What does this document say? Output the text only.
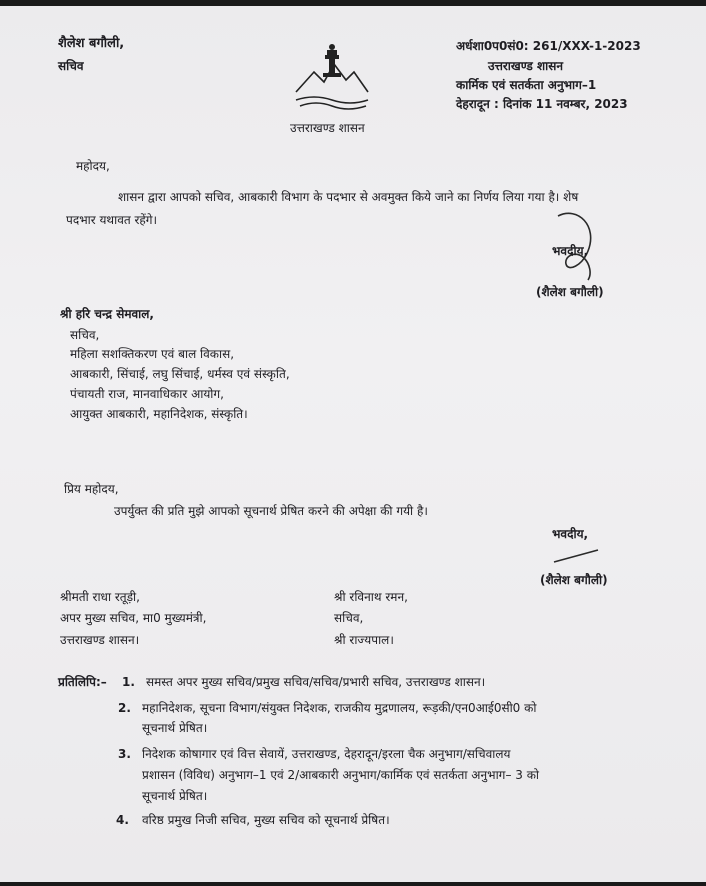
शैलेश बगौली,
सचिव
उत्तराखण्ड शासन
अर्धशा0प0सं0: 261/XXX-1-2023
उत्तराखण्ड शासन
कार्मिक एवं सतर्कता अनुभाग–1
देहरादून : दिनांक 11 नवम्बर, 2023
महोदय,
शासन द्वारा आपको सचिव, आबकारी विभाग के पदभार से अवमुक्त किये जाने का निर्णय लिया गया है। शेष
पदभार यथावत रहेंगे।
भवदीय,
(शैलेश बगौली)
श्री हरि चन्द्र सेमवाल,
सचिव,
महिला सशक्तिकरण एवं बाल विकास,
आबकारी, सिंचाई, लघु सिंचाई, धर्मस्व एवं संस्कृति,
पंचायती राज, मानवाधिकार आयोग,
आयुक्त आबकारी, महानिदेशक, संस्कृति।
प्रिय महोदय,
उपर्युक्त की प्रति मुझे आपको सूचनार्थ प्रेषित करने की अपेक्षा की गयी है।
भवदीय,
(शैलेश बगौली)
श्रीमती राधा रतूड़ी,
अपर मुख्य सचिव, मा0 मुख्यमंत्री,
उत्तराखण्ड शासन।
श्री रविनाथ रमन,
सचिव,
श्री राज्यपाल।
प्रतिलिपि:– 1. समस्त अपर मुख्य सचिव/प्रमुख सचिव/सचिव/प्रभारी सचिव, उत्तराखण्ड शासन।
2. महानिदेशक, सूचना विभाग/संयुक्त निदेशक, राजकीय मुद्रणालय, रूड़की/एन0आई0सी0 को
सूचनार्थ प्रेषित।
3. निदेशक कोषागार एवं वित्त सेवायें, उत्तराखण्ड, देहरादून/इरला चैक अनुभाग/सचिवालय
प्रशासन (विविध) अनुभाग–1 एवं 2/आबकारी अनुभाग/कार्मिक एवं सतर्कता अनुभाग– 3 को
सूचनार्थ प्रेषित।
4. वरिष्ठ प्रमुख निजी सचिव, मुख्य सचिव को सूचनार्थ प्रेषित।
